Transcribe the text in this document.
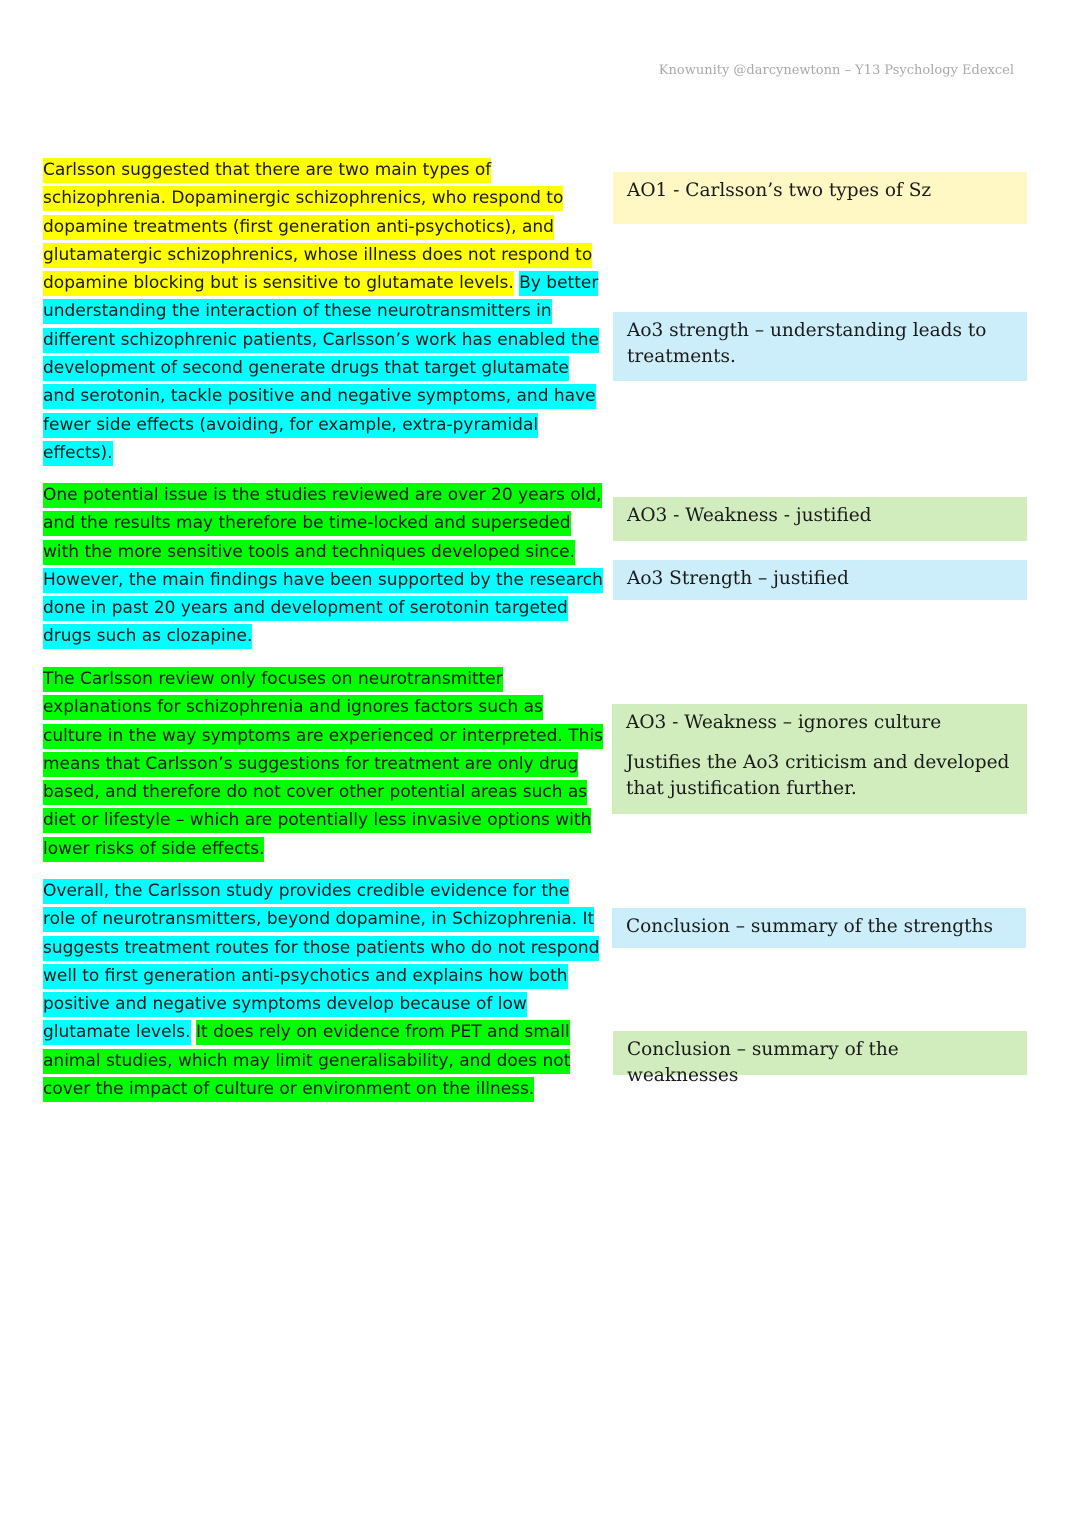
Knowunity @darcynewtonn – Y13 Psychology Edexcel

Carlsson suggested that there are two main types of schizophrenia. Dopaminergic schizophrenics, who respond to dopamine treatments (first generation anti-psychotics), and glutamatergic schizophrenics, whose illness does not respond to dopamine blocking but is sensitive to glutamate levels. By better understanding the interaction of these neurotransmitters in different schizophrenic patients, Carlsson’s work has enabled the development of second generate drugs that target glutamate and serotonin, tackle positive and negative symptoms, and have fewer side effects (avoiding, for example, extra-pyramidal effects).

One potential issue is the studies reviewed are over 20 years old, and the results may therefore be time-locked and superseded with the more sensitive tools and techniques developed since. However, the main findings have been supported by the research done in past 20 years and development of serotonin targeted drugs such as clozapine.

The Carlsson review only focuses on neurotransmitter explanations for schizophrenia and ignores factors such as culture in the way symptoms are experienced or interpreted. This means that Carlsson’s suggestions for treatment are only drug based, and therefore do not cover other potential areas such as diet or lifestyle – which are potentially less invasive options with lower risks of side effects.

Overall, the Carlsson study provides credible evidence for the role of neurotransmitters, beyond dopamine, in Schizophrenia. It suggests treatment routes for those patients who do not respond well to first generation anti-psychotics and explains how both positive and negative symptoms develop because of low glutamate levels. It does rely on evidence from PET and small animal studies, which may limit generalisability, and does not cover the impact of culture or environment on the illness.

AO1 - Carlsson’s two types of Sz

Ao3 strength – understanding leads to treatments.

AO3 - Weakness - justified

Ao3 Strength – justified

AO3 - Weakness – ignores culture

Justifies the Ao3 criticism and developed that justification further.

Conclusion – summary of the strengths

Conclusion – summary of the weaknesses
